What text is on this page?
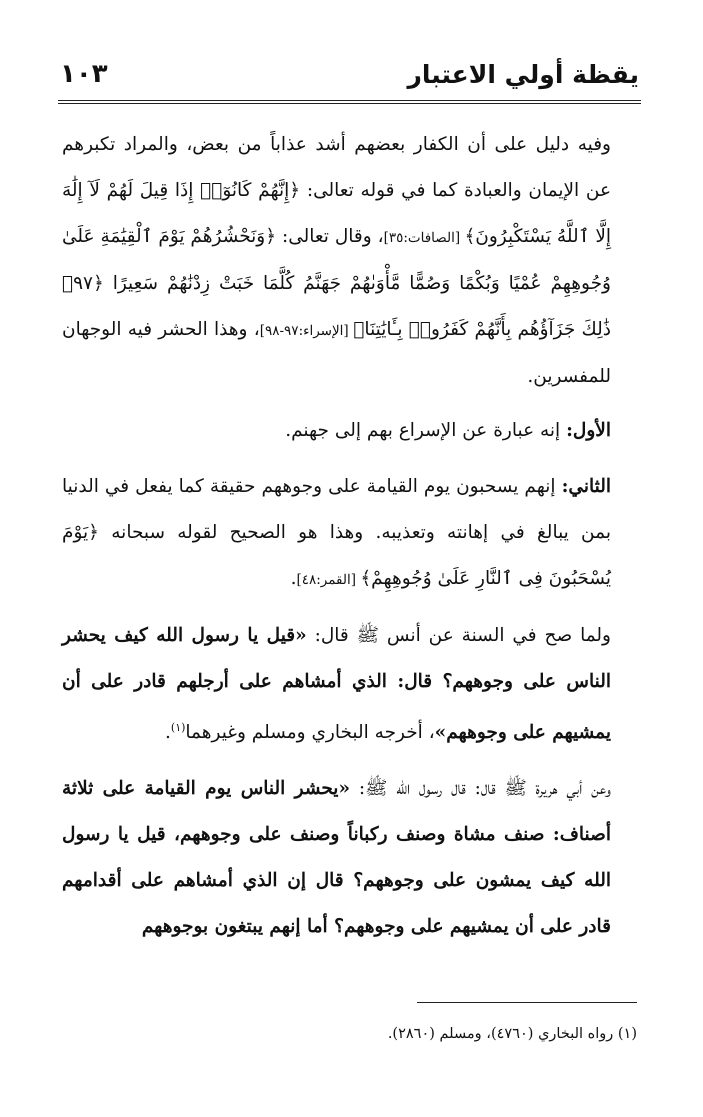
يقظة أولي الاعتبار
١٠٣

وفيه دليل على أن الكفار بعضهم أشد عذاباً من بعض، والمراد تكبرهم عن الإيمان والعبادة كما في قوله تعالى: ﴿إِنَّهُمْ كَانُوٓا۟ إِذَا قِيلَ لَهُمْ لَآ إِلَٰهَ إِلَّا ٱللَّهُ يَسْتَكْبِرُونَ﴾ [الصافات:٣٥]، وقال تعالى: ﴿وَنَحْشُرُهُمْ يَوْمَ ٱلْقِيَٰمَةِ عَلَىٰ وُجُوهِهِمْ عُمْيًا وَبُكْمًا وَصُمًّا مَّأْوَىٰهُمْ جَهَنَّمُ كُلَّمَا خَبَتْ زِدْنَٰهُمْ سَعِيرًا ﴿٩٧﴾ ذَٰلِكَ جَزَآؤُهُم بِأَنَّهُمْ كَفَرُوا۟ بِـَٔايَٰتِنَا﴾ [الإسراء:٩٧-٩٨]، وهذا الحشر فيه الوجهان للمفسرين.

الأول: إنه عبارة عن الإسراع بهم إلى جهنم.

الثاني: إنهم يسحبون يوم القيامة على وجوههم حقيقة كما يفعل في الدنيا بمن يبالغ في إهانته وتعذيبه. وهذا هو الصحيح لقوله سبحانه ﴿يَوْمَ يُسْحَبُونَ فِى ٱلنَّارِ عَلَىٰ وُجُوهِهِمْ﴾ [القمر:٤٨].

ولما صح في السنة عن أنس ﷺ قال: «قيل يا رسول الله كيف يحشر الناس على وجوههم؟ قال: الذي أمشاهم على أرجلهم قادر على أن يمشيهم على وجوههم»، أخرجه البخاري ومسلم وغيرهما$^{(١)}$.

وعن أبي هريرة ﷺ قال: قال رسول الله ﷺ: «يحشر الناس يوم القيامة على ثلاثة أصناف: صنف مشاة وصنف ركباناً وصنف على وجوههم، قيل يا رسول الله كيف يمشون على وجوههم؟ قال إن الذي أمشاهم على أقدامهم قادر على أن يمشيهم على وجوههم؟ أما إنهم يبتغون بوجوههم

(١) رواه البخاري (٤٧٦٠)، ومسلم (٢٨٦٠).
